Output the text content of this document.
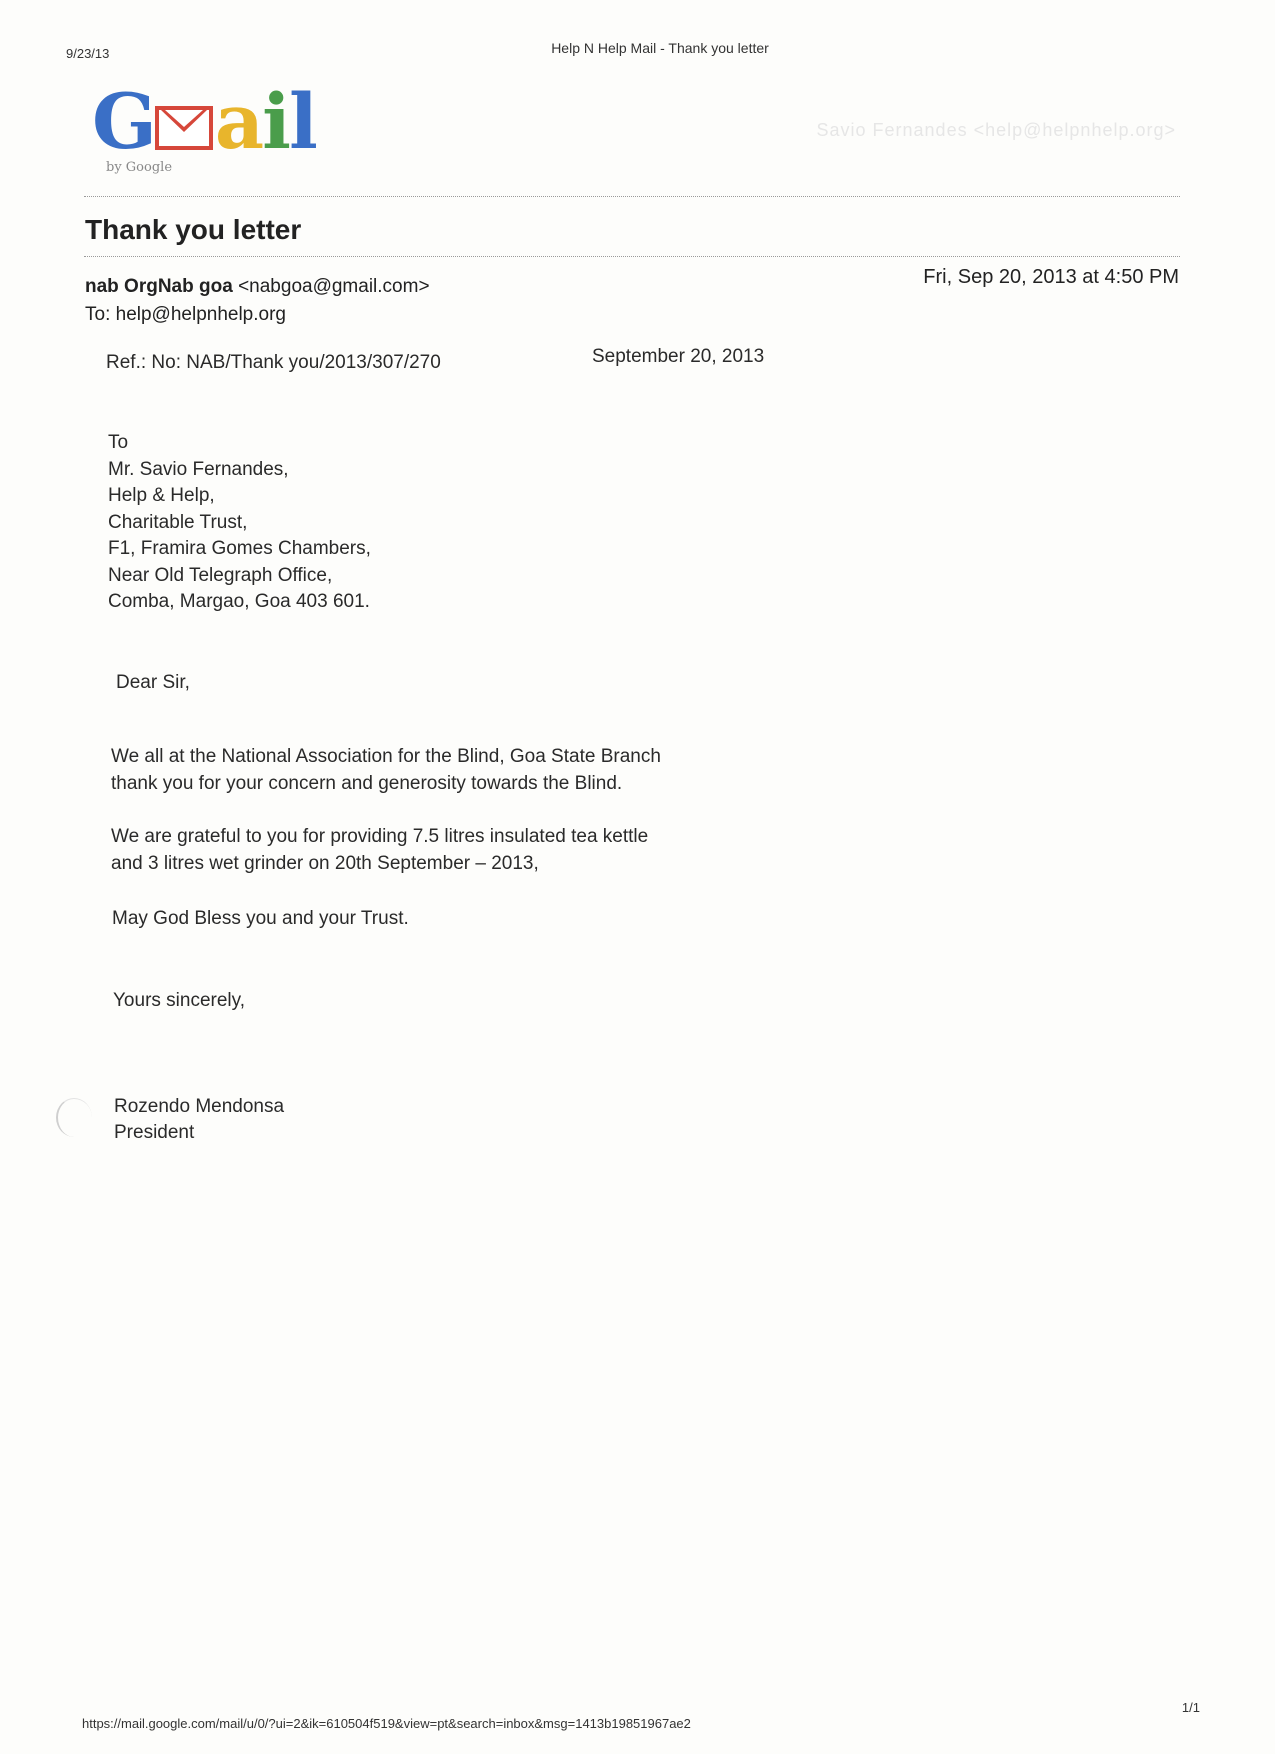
9/23/13	Help N Help Mail - Thank you letter
G ail
by Google
Savio Fernandes <help@helpnhelp.org>
Thank you letter
nab OrgNab goa <nabgoa@gmail.com>
To: help@helpnhelp.org
Fri, Sep 20, 2013 at 4:50 PM
Ref.: No: NAB/Thank you/2013/307/270	September 20, 2013
To
Mr. Savio Fernandes,
Help & Help,
Charitable Trust,
F1, Framira Gomes Chambers,
Near Old Telegraph Office,
Comba, Margao, Goa 403 601.
Dear Sir,
We all at the National Association for the Blind, Goa State Branch
thank you for your concern and generosity towards the Blind.
We are grateful to you for providing 7.5 litres insulated tea kettle
and 3 litres wet grinder on 20th September – 2013,
May God Bless you and your Trust.
Yours sincerely,
Rozendo Mendonsa
President
https://mail.google.com/mail/u/0/?ui=2&ik=610504f519&view=pt&search=inbox&msg=1413b19851967ae2
1/1
